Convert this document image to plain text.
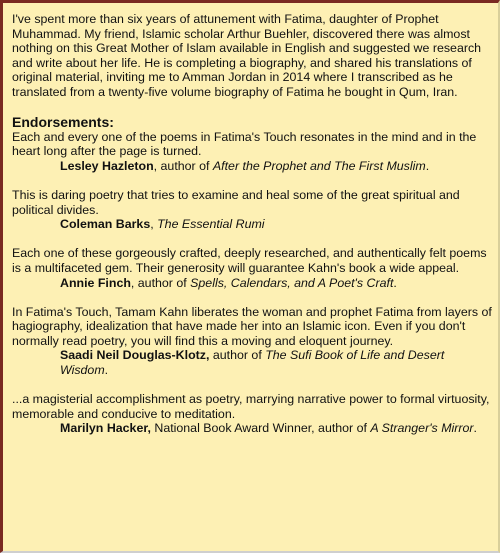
I've spent more than six years of attunement with Fatima, daughter of Prophet Muhammad. My friend, Islamic scholar Arthur Buehler, discovered there was almost nothing on this Great Mother of Islam available in English and suggested we research and write about her life. He is completing a biography, and shared his translations of original material, inviting me to Amman Jordan in 2014 where I transcribed as he translated from a twenty-five volume biography of Fatima he bought in Qum, Iran.

Endorsements:

Each and every one of the poems in Fatima's Touch resonates in the mind and in the heart long after the page is turned.

Lesley Hazleton, author of After the Prophet and The First Muslim.

This is daring poetry that tries to examine and heal some of the great spiritual and political divides.

Coleman Barks, The Essential Rumi

Each one of these gorgeously crafted, deeply researched, and authentically felt poems is a multifaceted gem. Their generosity will guarantee Kahn's book a wide appeal.

Annie Finch, author of Spells, Calendars, and A Poet's Craft.

In Fatima's Touch, Tamam Kahn liberates the woman and prophet Fatima from layers of hagiography, idealization that have made her into an Islamic icon. Even if you don't normally read poetry, you will find this a moving and eloquent journey.

Saadi Neil Douglas-Klotz, author of The Sufi Book of Life and Desert Wisdom.

...a magisterial accomplishment as poetry, marrying narrative power to formal virtuosity, memorable and conducive to meditation.

Marilyn Hacker, National Book Award Winner, author of A Stranger's Mirror.
